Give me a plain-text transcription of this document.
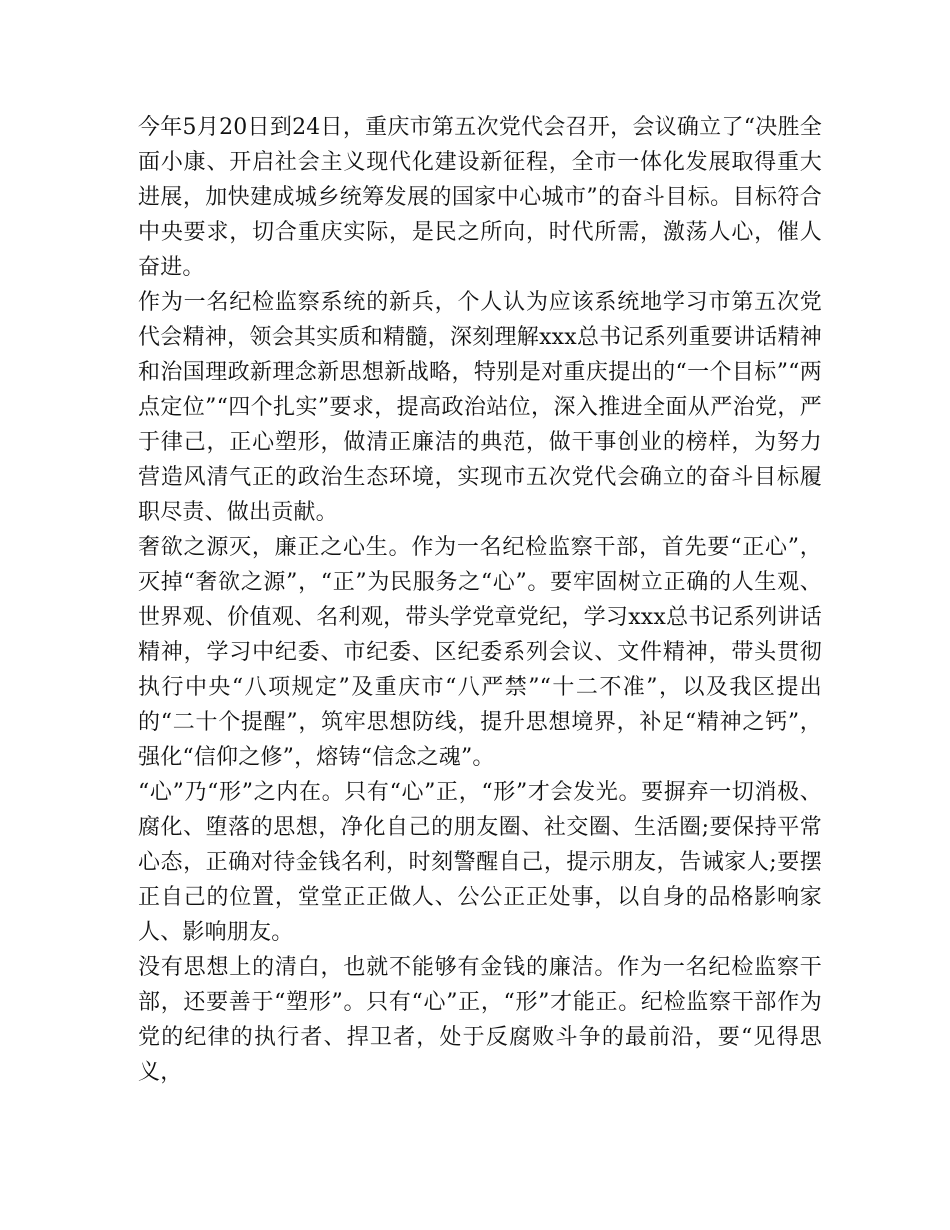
今年5月20日到24日，重庆市第五次党代会召开，会议确立了“决胜全面小康、开启社会主义现代化建设新征程，全市一体化发展取得重大进展，加快建成城乡统筹发展的国家中心城市”的奋斗目标。目标符合中央要求，切合重庆实际，是民之所向，时代所需，激荡人心，催人奋进。

作为一名纪检监察系统的新兵，个人认为应该系统地学习市第五次党代会精神，领会其实质和精髓，深刻理解xxx总书记系列重要讲话精神和治国理政新理念新思想新战略，特别是对重庆提出的“一个目标”“两点定位”“四个扎实”要求，提高政治站位，深入推进全面从严治党，严于律己，正心塑形，做清正廉洁的典范，做干事创业的榜样，为努力营造风清气正的政治生态环境，实现市五次党代会确立的奋斗目标履职尽责、做出贡献。

奢欲之源灭，廉正之心生。作为一名纪检监察干部，首先要“正心”，灭掉“奢欲之源”，“正”为民服务之“心”。要牢固树立正确的人生观、世界观、价值观、名利观，带头学党章党纪，学习xxx总书记系列讲话精神，学习中纪委、市纪委、区纪委系列会议、文件精神，带头贯彻执行中央“八项规定”及重庆市“八严禁”“十二不准”，以及我区提出的“二十个提醒”，筑牢思想防线，提升思想境界，补足“精神之钙”，强化“信仰之修”，熔铸“信念之魂”。

“心”乃“形”之内在。只有“心”正，“形”才会发光。要摒弃一切消极、腐化、堕落的思想，净化自己的朋友圈、社交圈、生活圈;要保持平常心态，正确对待金钱名利，时刻警醒自己，提示朋友，告诫家人;要摆正自己的位置，堂堂正正做人、公公正正处事，以自身的品格影响家人、影响朋友。

没有思想上的清白，也就不能够有金钱的廉洁。作为一名纪检监察干部，还要善于“塑形”。只有“心”正，“形”才能正。纪检监察干部作为党的纪律的执行者、捍卫者，处于反腐败斗争的最前沿，要“见得思义，
